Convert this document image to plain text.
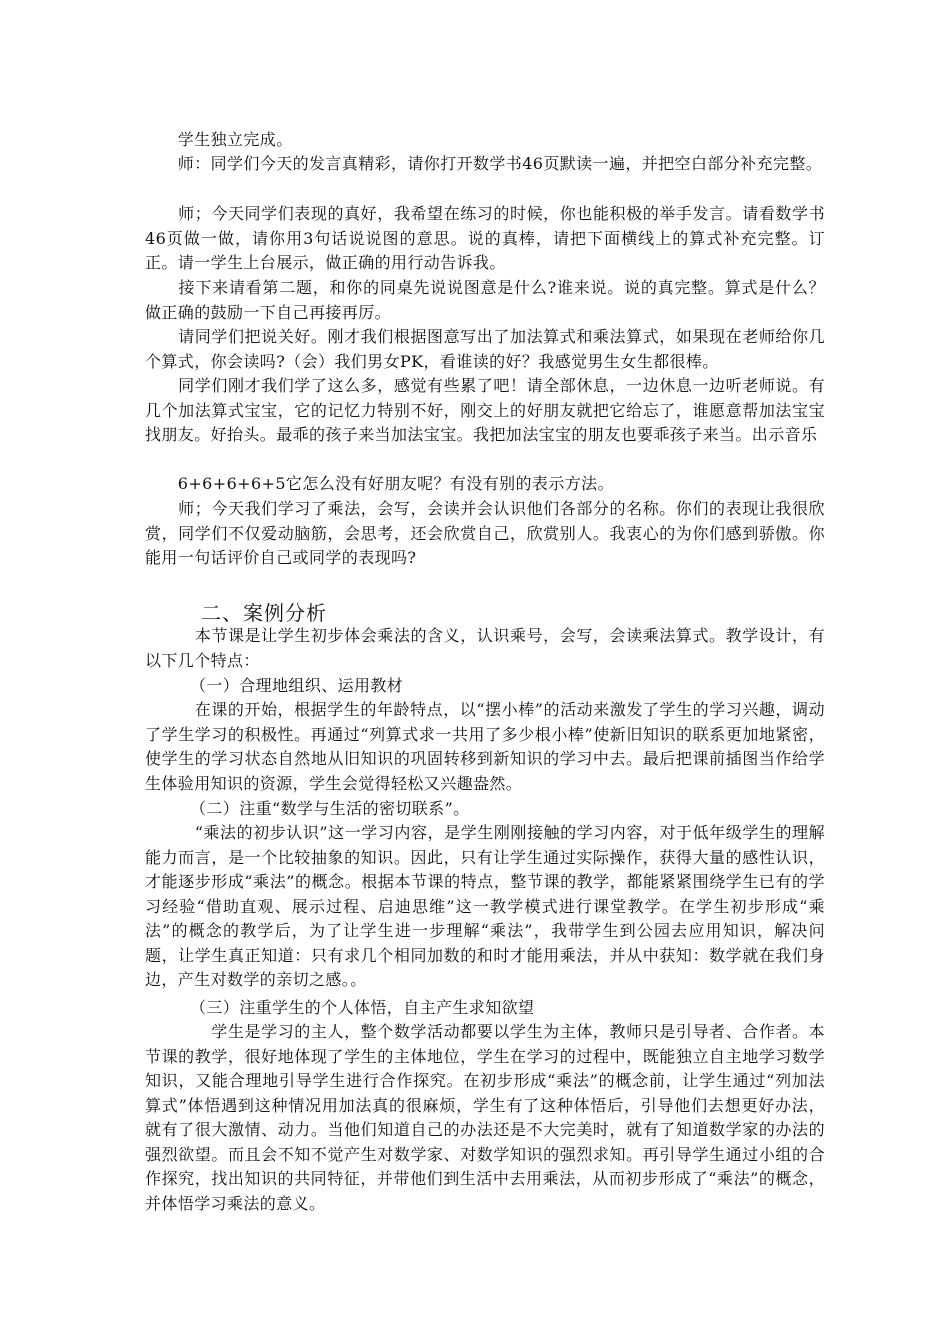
　　学生独立完成。

　　师：同学们今天的发言真精彩，请你打开数学书46页默读一遍，并把空白部分补充完整。

　　师；今天同学们表现的真好，我希望在练习的时候，你也能积极的举手发言。请看数学书46页做一做，请你用3句话说说图的意思。说的真棒，请把下面横线上的算式补充完整。订正。请一学生上台展示，做正确的用行动告诉我。

　　接下来请看第二题，和你的同桌先说说图意是什么?谁来说。说的真完整。算式是什么？做正确的鼓励一下自己再接再厉。

　　请同学们把说关好。刚才我们根据图意写出了加法算式和乘法算式，如果现在老师给你几个算式，你会读吗?（会）我们男女PK，看谁读的好？我感觉男生女生都很棒。

　　同学们刚才我们学了这么多，感觉有些累了吧！请全部休息，一边休息一边听老师说。有几个加法算式宝宝，它的记忆力特别不好，刚交上的好朋友就把它给忘了，谁愿意帮加法宝宝找朋友。好抬头。最乖的孩子来当加法宝宝。我把加法宝宝的朋友也要乖孩子来当。出示音乐

　　6+6+6+6+5它怎么没有好朋友呢？有没有别的表示方法。

　　师；今天我们学习了乘法，会写，会读并会认识他们各部分的名称。你们的表现让我很欣赏，同学们不仅爱动脑筋，会思考，还会欣赏自己，欣赏别人。我衷心的为你们感到骄傲。你能用一句话评价自己或同学的表现吗?

二、案例分析

　　　本节课是让学生初步体会乘法的含义，认识乘号，会写，会读乘法算式。教学设计，有以下几个特点：

（一）合理地组织、运用教材

　　　在课的开始，根据学生的年龄特点，以“摆小棒”的活动来激发了学生的学习兴趣，调动了学生学习的积极性。再通过“列算式求一共用了多少根小棒”使新旧知识的联系更加地紧密，使学生的学习状态自然地从旧知识的巩固转移到新知识的学习中去。最后把课前插图当作给学生体验用知识的资源，学生会觉得轻松又兴趣盎然。

（二）注重“数学与生活的密切联系”。

　　　“乘法的初步认识”这一学习内容，是学生刚刚接触的学习内容，对于低年级学生的理解能力而言，是一个比较抽象的知识。因此，只有让学生通过实际操作，获得大量的感性认识，才能逐步形成“乘法”的概念。根据本节课的特点，整节课的教学，都能紧紧围绕学生已有的学习经验“借助直观、展示过程、启迪思维”这一教学模式进行课堂教学。在学生初步形成“乘法”的概念的教学后，为了让学生进一步理解“乘法”，我带学生到公园去应用知识，解决问题，让学生真正知道：只有求几个相同加数的和时才能用乘法，并从中获知：数学就在我们身边，产生对数学的亲切之感。。

（三）注重学生的个人体悟，自主产生求知欲望

　　　　学生是学习的主人，整个数学活动都要以学生为主体，教师只是引导者、合作者。本节课的教学，很好地体现了学生的主体地位，学生在学习的过程中，既能独立自主地学习数学知识，又能合理地引导学生进行合作探究。在初步形成“乘法”的概念前，让学生通过“列加法算式”体悟遇到这种情况用加法真的很麻烦，学生有了这种体悟后，引导他们去想更好办法，就有了很大激情、动力。当他们知道自己的办法还是不大完美时，就有了知道数学家的办法的强烈欲望。而且会不知不觉产生对数学家、对数学知识的强烈求知。再引导学生通过小组的合作探究，找出知识的共同特征，并带他们到生活中去用乘法，从而初步形成了“乘法”的概念，并体悟学习乘法的意义。
